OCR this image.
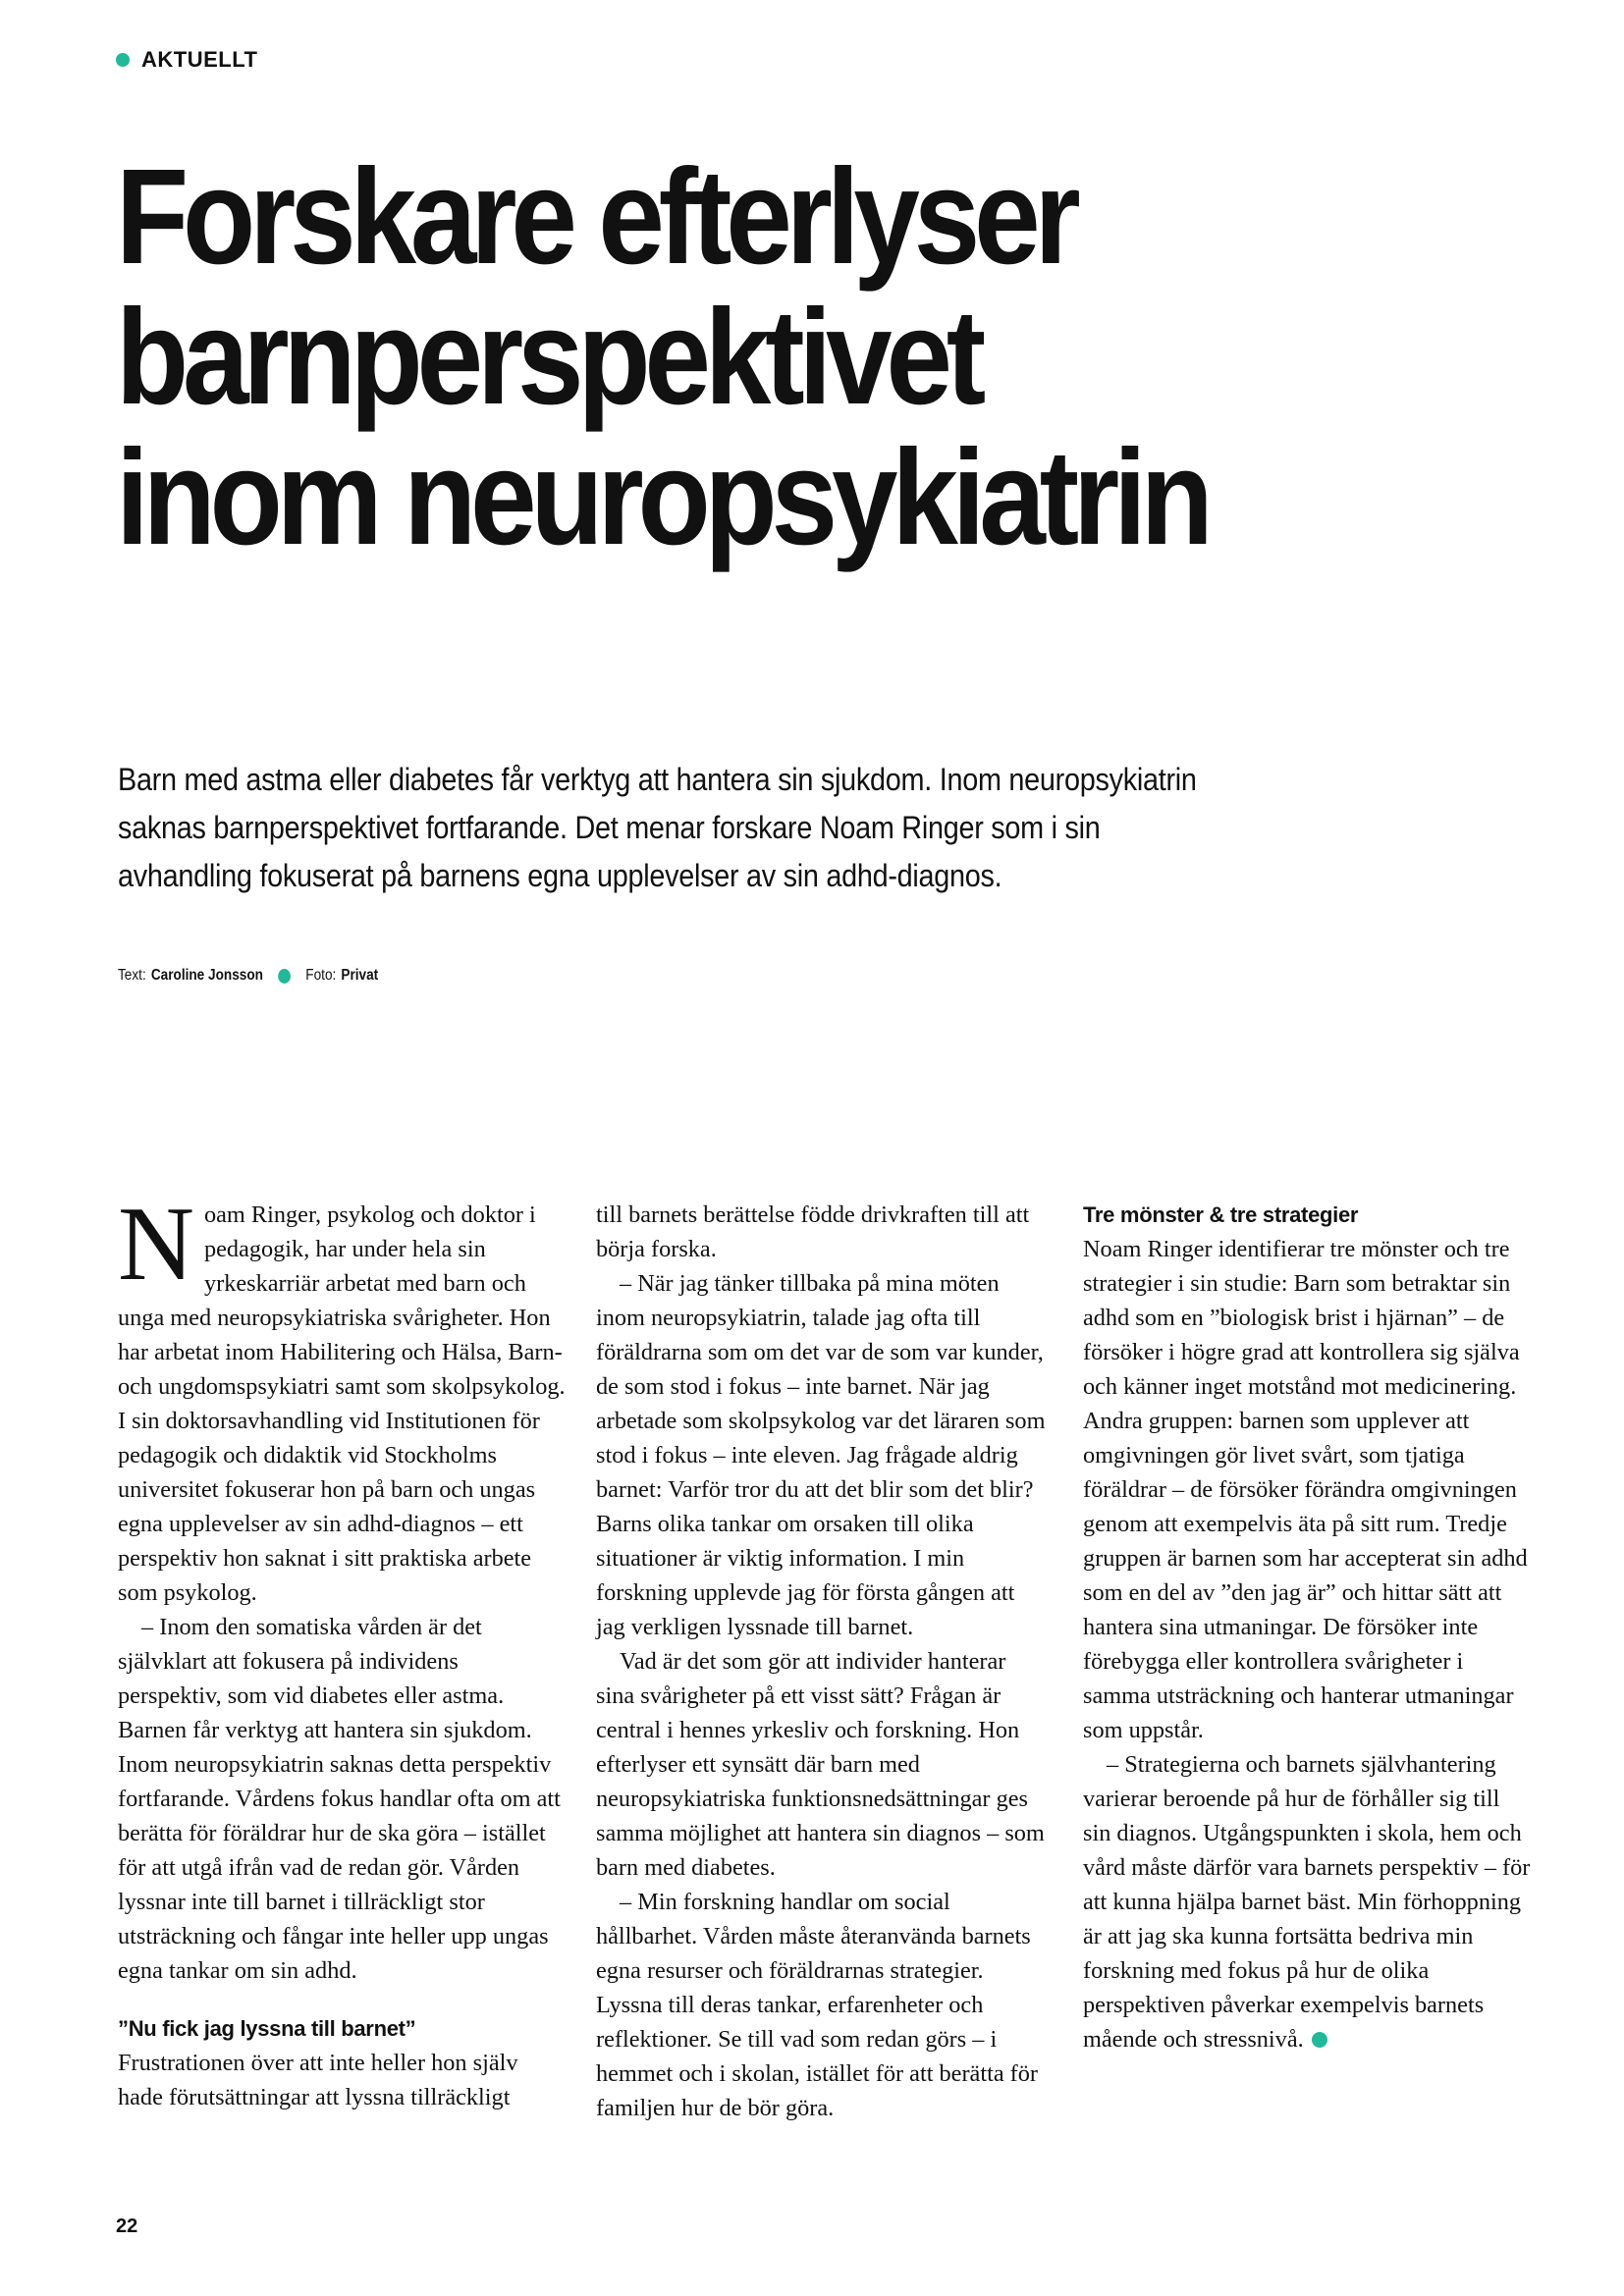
AKTUELLT
Forskare efterlyser barnperspektivet inom neuropsykiatrin

Barn med astma eller diabetes får verktyg att hantera sin sjukdom. Inom neuropsykiatrin saknas barnperspektivet fortfarande. Det menar forskare Noam Ringer som i sin avhandling fokuserat på barnens egna upplevelser av sin adhd-diagnos.

Text: Caroline Jonsson	Foto: Privat

Noam Ringer, psykolog och doktor i pedagogik, har under hela sin yrkeskarriär arbetat med barn och unga med neuropsykiatriska svårigheter. Hon har arbetat inom Habilitering och Hälsa, Barn- och ungdomspsykiatri samt som skolpsykolog. I sin doktorsavhandling vid Institutionen för pedagogik och didaktik vid Stockholms universitet fokuserar hon på barn och ungas egna upplevelser av sin adhd-diagnos – ett perspektiv hon saknat i sitt praktiska arbete som psykolog.

– Inom den somatiska vården är det självklart att fokusera på individens perspektiv, som vid diabetes eller astma. Barnen får verktyg att hantera sin sjukdom. Inom neuropsykiatrin saknas detta perspektiv fortfarande. Vårdens fokus handlar ofta om att berätta för föräldrar hur de ska göra – istället för att utgå ifrån vad de redan gör. Vården lyssnar inte till barnet i tillräckligt stor utsträckning och fångar inte heller upp ungas egna tankar om sin adhd.

”Nu fick jag lyssna till barnet”

Frustrationen över att inte heller hon själv hade förutsättningar att lyssna tillräckligt

till barnets berättelse födde drivkraften till att börja forska.

– När jag tänker tillbaka på mina möten inom neuropsykiatrin, talade jag ofta till föräldrarna som om det var de som var kunder, de som stod i fokus – inte barnet. När jag arbetade som skolpsykolog var det läraren som stod i fokus – inte eleven. Jag frågade aldrig barnet: Varför tror du att det blir som det blir? Barns olika tankar om orsaken till olika situationer är viktig information. I min forskning upplevde jag för första gången att jag verkligen lyssnade till barnet.

Vad är det som gör att individer hanterar sina svårigheter på ett visst sätt? Frågan är central i hennes yrkesliv och forskning. Hon efterlyser ett synsätt där barn med neuropsykiatriska funktionsnedsättningar ges samma möjlighet att hantera sin diagnos – som barn med diabetes.

– Min forskning handlar om social hållbarhet. Vården måste återanvända barnets egna resurser och föräldrarnas strategier. Lyssna till deras tankar, erfarenheter och reflektioner. Se till vad som redan görs – i hemmet och i skolan, istället för att berätta för familjen hur de bör göra.

Tre mönster & tre strategier

Noam Ringer identifierar tre mönster och tre strategier i sin studie: Barn som betraktar sin adhd som en ”biologisk brist i hjärnan” – de försöker i högre grad att kontrollera sig själva och känner inget motstånd mot medicinering. Andra gruppen: barnen som upplever att omgivningen gör livet svårt, som tjatiga föräldrar – de försöker förändra omgivningen genom att exempelvis äta på sitt rum. Tredje gruppen är barnen som har accepterat sin adhd som en del av ”den jag är” och hittar sätt att hantera sina utmaningar. De försöker inte förebygga eller kontrollera svårigheter i samma utsträckning och hanterar utmaningar som uppstår.

– Strategierna och barnets självhantering varierar beroende på hur de förhåller sig till sin diagnos. Utgångspunkten i skola, hem och vård måste därför vara barnets perspektiv – för att kunna hjälpa barnet bäst. Min förhoppning är att jag ska kunna fortsätta bedriva min forskning med fokus på hur de olika perspektiven påverkar exempelvis barnets mående och stressnivå.

22
